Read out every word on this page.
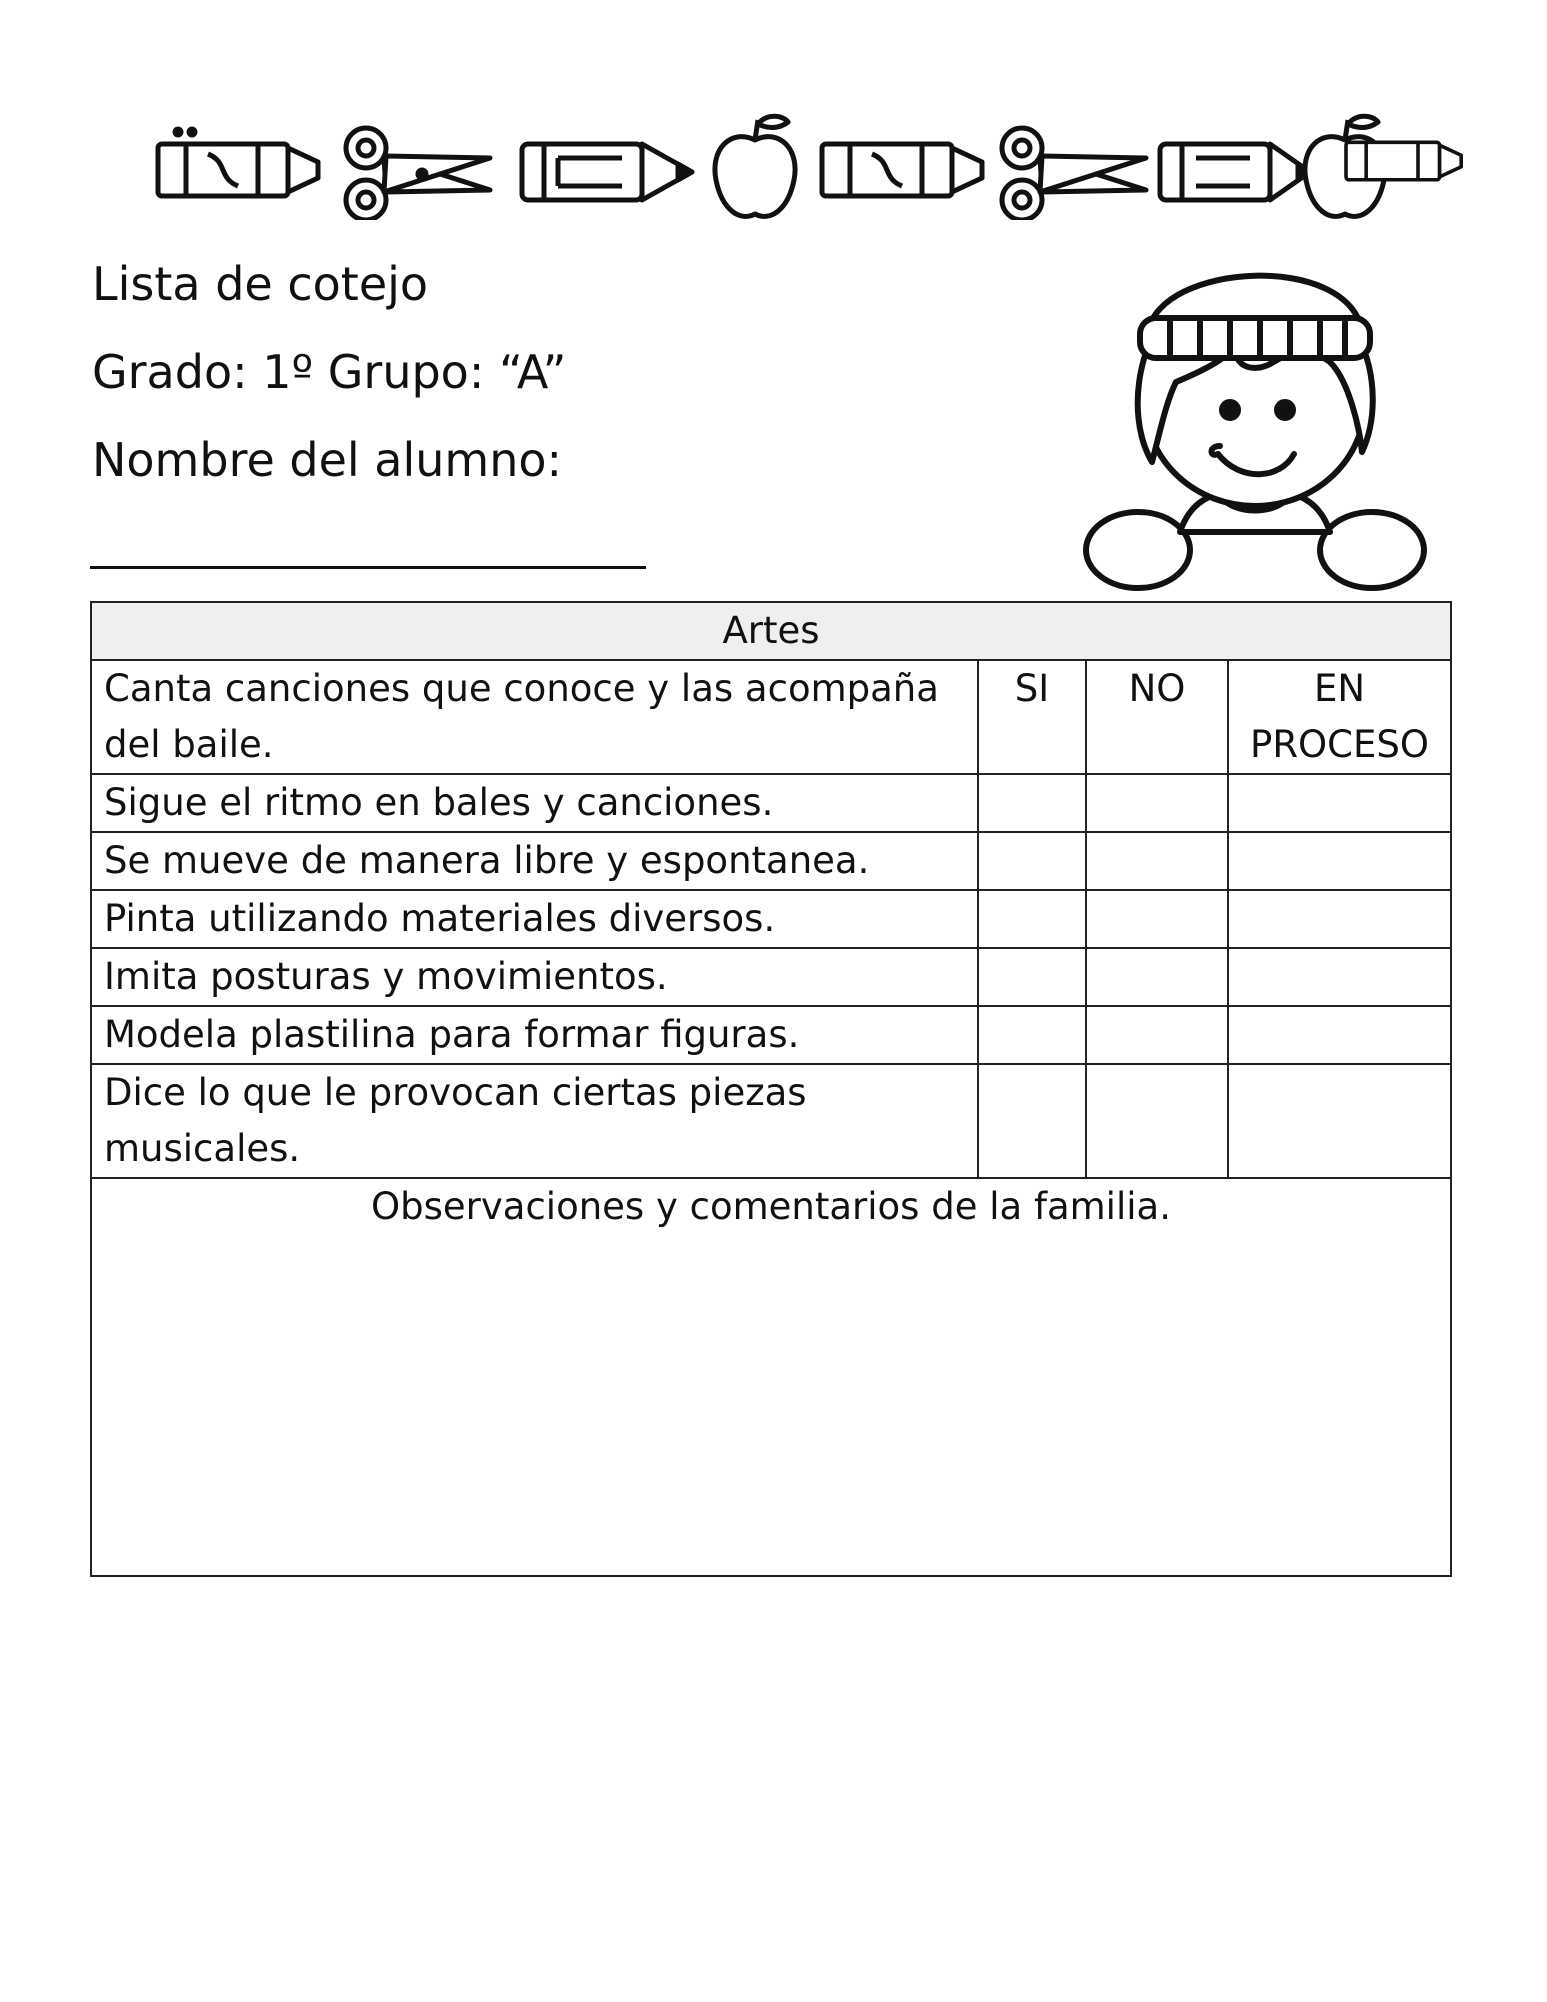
Lista de cotejo
Grado: 1º Grupo: “A”
Nombre del alumno:
Artes			
Canta canciones que conoce y las acompaña del baile.	SI	NO	EN PROCESO
Sigue el ritmo en bales y canciones.			
Se mueve de manera libre y espontanea.			
Pinta utilizando materiales diversos.			
Imita posturas y movimientos.			
Modela plastilina para formar figuras.			
Dice lo que le provocan ciertas piezas musicales.			
Observaciones y comentarios de la familia.			
